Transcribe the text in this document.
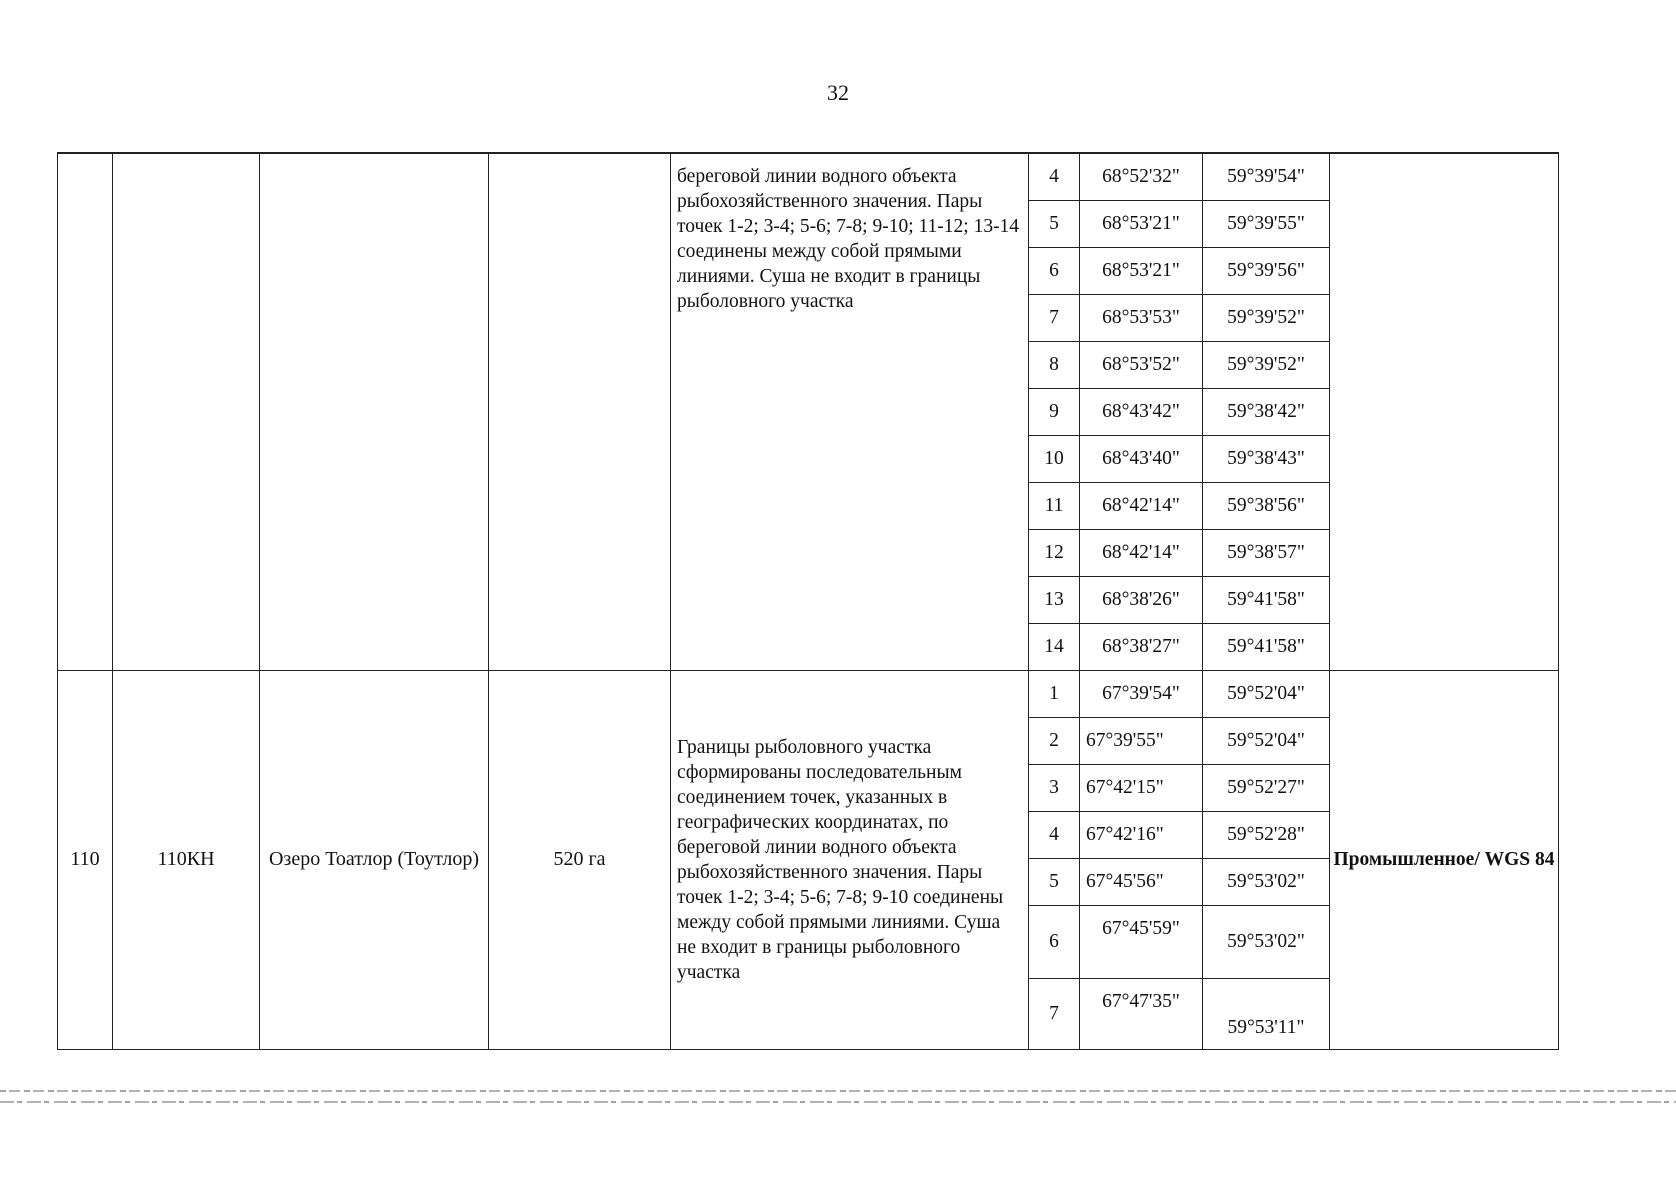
32
				береговой линии водного объекта рыбохозяйственного значения. Пары точек 1-2; 3-4; 5-6; 7-8; 9-10; 11-12; 13-14 соединены между собой прямыми линиями. Суша не входит в границы рыболовного участка	4	68°52'32"	59°39'54"	
					5	68°53'21"	59°39'55"	
					6	68°53'21"	59°39'56"	
					7	68°53'53"	59°39'52"	
					8	68°53'52"	59°39'52"	
					9	68°43'42"	59°38'42"	
					10	68°43'40"	59°38'43"	
					11	68°42'14"	59°38'56"	
					12	68°42'14"	59°38'57"	
					13	68°38'26"	59°41'58"	
					14	68°38'27"	59°41'58"	
110	110КН	Озеро Тоатлор (Тоутлор)	520 га	Границы рыболовного участка сформированы последовательным соединением точек, указанных в географических координатах, по береговой линии водного объекта рыбохозяйственного значения. Пары точек 1-2; 3-4; 5-6; 7-8; 9-10 соединены между собой прямыми линиями. Суша не входит в границы рыболовного участка	1	67°39'54"	59°52'04"	Промышленное/ WGS 84
					2	67°39'55"	59°52'04"	
					3	67°42'15"	59°52'27"	
					4	67°42'16"	59°52'28"	
					5	67°45'56"	59°53'02"	
					6	67°45'59"	59°53'02"	
					7	67°47'35"	59°53'11"	
